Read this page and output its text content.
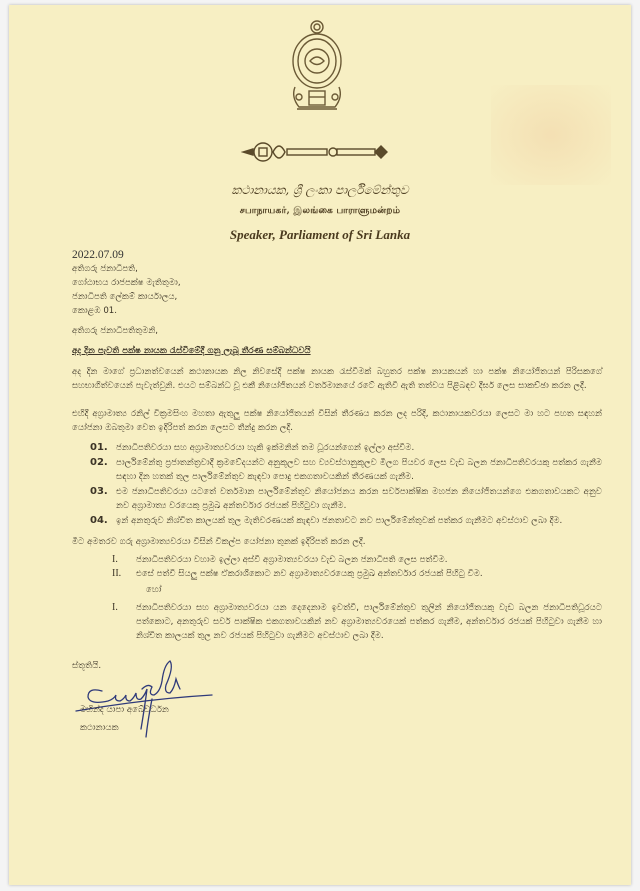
කථානායක, ශ්‍රී ලංකා පාර්ලිමේන්තුව
சபாநாயகர், இலங்கை பாராளுமன்றம்
Speaker, Parliament of Sri Lanka
2022.07.09
අතිගරු ජනාධිපති,
ගෝඨාභය රාජපක්ෂ මැතිතුමා,
ජනාධිපති ලේකම් කාර්යාලය,
කොළඹ 01.
අතිගරු ජනාධිපතිතුමනි,
අද දින පැවති පක්ෂ නායක රැස්වීමේදී ගනු ලැබූ තීරණ සම්බන්ධවයි
අද දින මාගේ ප්‍රධානත්වයෙන් කථානායක නිල නිවසේදී පක්ෂ නායක රැස්වීමක් බහුතර පක්ෂ නායකයන් හා පක්ෂ නියෝජිතයන් පිරිසකගේ සහභාගිත්වයෙන් පැවැත්වුනි. එයට සම්බන්ධ වූ එකී නියෝජිතයන් වර්තමානයේ රටේ ඇතිවී ඇති තත්වය පිළිබඳව දීර්ඝ ලෙස සාකච්ඡා කරන ලදී.
එහිදී අග්‍රාමාත්‍ය රනිල් වික්‍රමසිංහ මහතා ඇතුලු පක්ෂ නියෝජිතයන් විසින් තීරණය කරන ලද පරිදි, කථානායකවරයා ලෙසට මා හට පහත සඳහන් යෝජනා ඔබතුමා වෙත ඉදිරිපත් කරන ලෙසට තීන්දු කරන ලදී.
01. ජනාධිපතිවරයා සහ අග්‍රාමාත්‍යවරයා හැකි ඉක්මනින් තම ධූරයන්ගෙන් ඉල්ලා අස්වීම.
02. පාර්ලිමේන්තු ප්‍රජාතන්ත්‍රවාදී ක්‍රමවේදයන්ට අනුකූලව සහ ව්‍යවස්ථානුකූලව මීලග පියවර ලෙස වැඩ බලන ජනාධිපතිවරයකු පත්කර ගැනීම සඳහා දින හතක් තුල පාර්ලිමේන්තුව කැඳවා පොදු එකගතාවයකින් තීරණයක් ගැනීම.
03. එම ජනාධිපතිවරයා යටතේ වර්තමාන පාර්ලිමේන්තුව නියෝජනය කරන සර්වපාක්ෂික මහජන නියෝජිතයන්ගෙ එකගතාවයකට අනුව නව අග්‍රාමාත්‍ය වරයෙකු ප්‍රමුඛ අන්තර්වාර රජයක් පිහිටුවා ගැනීම.
04. ඉන් අනතුරුව නිශ්චිත කාලයක් තුල මැතිවරණයක් කැඳවා ජනතාවට නව පාර්ලිමේන්තුවක් පත්කර ගැනීමට අවස්ථාව ලබා දීම.
මීට අමතරව ගරු අග්‍රාමාත්‍යවරයා විසින් විකල්ප යෝජනා තුනක් ඉදිරිපත් කරන ලදී.
I. ජනාධිපතිවරයා වහාම ඉල්ලා අස්වී අග්‍රාමාත්‍යවරයා වැඩ බලන ජනාධිපති ලෙස පත්වීම.
II. එසේ පත්වී සියලු පක්ෂ ඒකරාශීකොට නව අග්‍රාමාත්‍යවරයෙකු ප්‍රමුඛ අන්තර්වාර රජයක් පිහිටු වීම.
හෝ
I. ජනාධිපතිවරයා සහ අග්‍රාමාත්‍යවරයා යන දෙදෙනාම ඉවත්වී, පාර්ලිමේන්තුව තුලින් නියෝජිතයකු වැඩ බලන ජනාධිපතිධූරයට පත්කොට, අනතුරුව සර්ව පාක්ෂික එකගතාවයකින් නව අග්‍රාමාත්‍යවරයෙක් පත්කර ගැනීම, අන්තර්වාර රජයක් පිහිටුවා ගැනීම හා නිශ්චිත කාලයක් තුල නව රජයක් පිහිටුවා ගැනීමට අවස්ථාව ලබා දීම.
ස්තූතියි.
මහින්ද යාපා අබේවර්ධන
කථානායක
